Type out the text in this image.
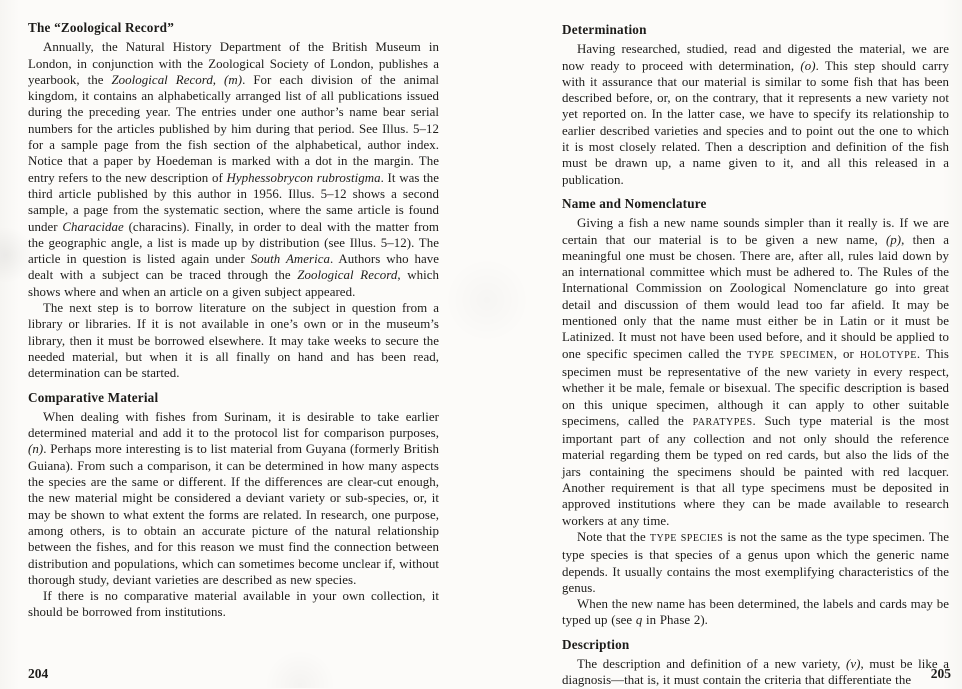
The “Zoological Record”

Annually, the Natural History Department of the British Museum in London, in conjunction with the Zoological Society of London, publishes a yearbook, the Zoological Record, (m). For each division of the animal kingdom, it contains an alphabetically arranged list of all publications issued during the preceding year. The entries under one author’s name bear serial numbers for the articles published by him during that period. See Illus. 5–12 for a sample page from the fish section of the alphabetical, author index. Notice that a paper by Hoedeman is marked with a dot in the margin. The entry refers to the new description of Hyphessobrycon rubrostigma. It was the third article published by this author in 1956. Illus. 5–12 shows a second sample, a page from the systematic section, where the same article is found under Characidae (characins). Finally, in order to deal with the matter from the geographic angle, a list is made up by distribution (see Illus. 5–12). The article in question is listed again under South America. Authors who have dealt with a subject can be traced through the Zoological Record, which shows where and when an article on a given subject appeared.

The next step is to borrow literature on the subject in question from a library or libraries. If it is not available in one’s own or in the museum’s library, then it must be borrowed elsewhere. It may take weeks to secure the needed material, but when it is all finally on hand and has been read, determination can be started.

Comparative Material

When dealing with fishes from Surinam, it is desirable to take earlier determined material and add it to the protocol list for comparison purposes, (n). Perhaps more interesting is to list material from Guyana (formerly British Guiana). From such a comparison, it can be determined in how many aspects the species are the same or different. If the differences are clear-cut enough, the new material might be considered a deviant variety or sub-species, or, it may be shown to what extent the forms are related. In research, one purpose, among others, is to obtain an accurate picture of the natural relationship between the fishes, and for this reason we must find the connection between distribution and populations, which can sometimes become unclear if, without thorough study, deviant varieties are described as new species.

If there is no comparative material available in your own collection, it should be borrowed from institutions.

Determination

Having researched, studied, read and digested the material, we are now ready to proceed with determination, (o). This step should carry with it assurance that our material is similar to some fish that has been described before, or, on the contrary, that it represents a new variety not yet reported on. In the latter case, we have to specify its relationship to earlier described varieties and species and to point out the one to which it is most closely related. Then a description and definition of the fish must be drawn up, a name given to it, and all this released in a publication.

Name and Nomenclature

Giving a fish a new name sounds simpler than it really is. If we are certain that our material is to be given a new name, (p), then a meaningful one must be chosen. There are, after all, rules laid down by an international committee which must be adhered to. The Rules of the International Commission on Zoological Nomenclature go into great detail and discussion of them would lead too far afield. It may be mentioned only that the name must either be in Latin or it must be Latinized. It must not have been used before, and it should be applied to one specific specimen called the TYPE SPECIMEN, or HOLOTYPE. This specimen must be representative of the new variety in every respect, whether it be male, female or bisexual. The specific description is based on this unique specimen, although it can apply to other suitable specimens, called the PARATYPES. Such type material is the most important part of any collection and not only should the reference material regarding them be typed on red cards, but also the lids of the jars containing the specimens should be painted with red lacquer. Another requirement is that all type specimens must be deposited in approved institutions where they can be made available to research workers at any time.

Note that the TYPE SPECIES is not the same as the type specimen. The type species is that species of a genus upon which the generic name depends. It usually contains the most exemplifying characteristics of the genus.

When the new name has been determined, the labels and cards may be typed up (see q in Phase 2).

Description

The description and definition of a new variety, (v), must be like a diagnosis—that is, it must contain the criteria that differentiate the

204	205
